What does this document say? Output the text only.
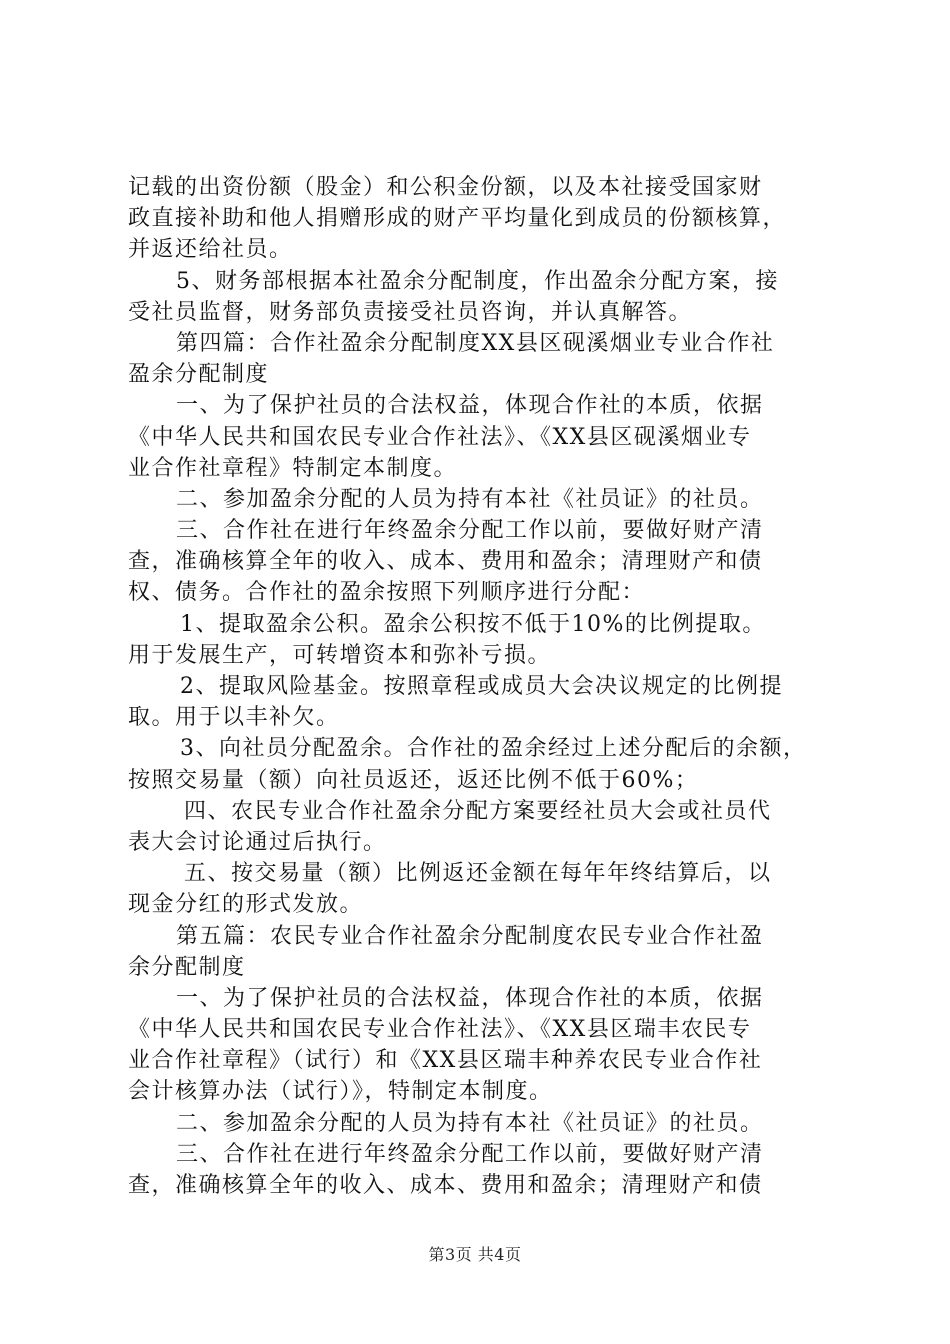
记载的出资份额（股金）和公积金份额，以及本社接受国家财
政直接补助和他人捐赠形成的财产平均量化到成员的份额核算，
并返还给社员。
5、财务部根据本社盈余分配制度，作出盈余分配方案，接
受社员监督，财务部负责接受社员咨询，并认真解答。
第四篇：合作社盈余分配制度XX县区砚溪烟业专业合作社
盈余分配制度
一、为了保护社员的合法权益，体现合作社的本质，依据
《中华人民共和国农民专业合作社法》、《XX县区砚溪烟业专
业合作社章程》特制定本制度。
二、参加盈余分配的人员为持有本社《社员证》的社员。
三、合作社在进行年终盈余分配工作以前，要做好财产清
查，准确核算全年的收入、成本、费用和盈余；清理财产和债
权、债务。合作社的盈余按照下列顺序进行分配：
1、提取盈余公积。盈余公积按不低于10%的比例提取。
用于发展生产，可转增资本和弥补亏损。
2、提取风险基金。按照章程或成员大会决议规定的比例提
取。用于以丰补欠。
3、向社员分配盈余。合作社的盈余经过上述分配后的余额，
按照交易量（额）向社员返还，返还比例不低于60%；
四、农民专业合作社盈余分配方案要经社员大会或社员代
表大会讨论通过后执行。
五、按交易量（额）比例返还金额在每年年终结算后，以
现金分红的形式发放。
第五篇：农民专业合作社盈余分配制度农民专业合作社盈
余分配制度
一、为了保护社员的合法权益，体现合作社的本质，依据
《中华人民共和国农民专业合作社法》、《XX县区瑞丰农民专
业合作社章程》（试行）和《XX县区瑞丰种养农民专业合作社
会计核算办法（试行）》，特制定本制度。
二、参加盈余分配的人员为持有本社《社员证》的社员。
三、合作社在进行年终盈余分配工作以前，要做好财产清
查，准确核算全年的收入、成本、费用和盈余；清理财产和债
第3页 共4页
